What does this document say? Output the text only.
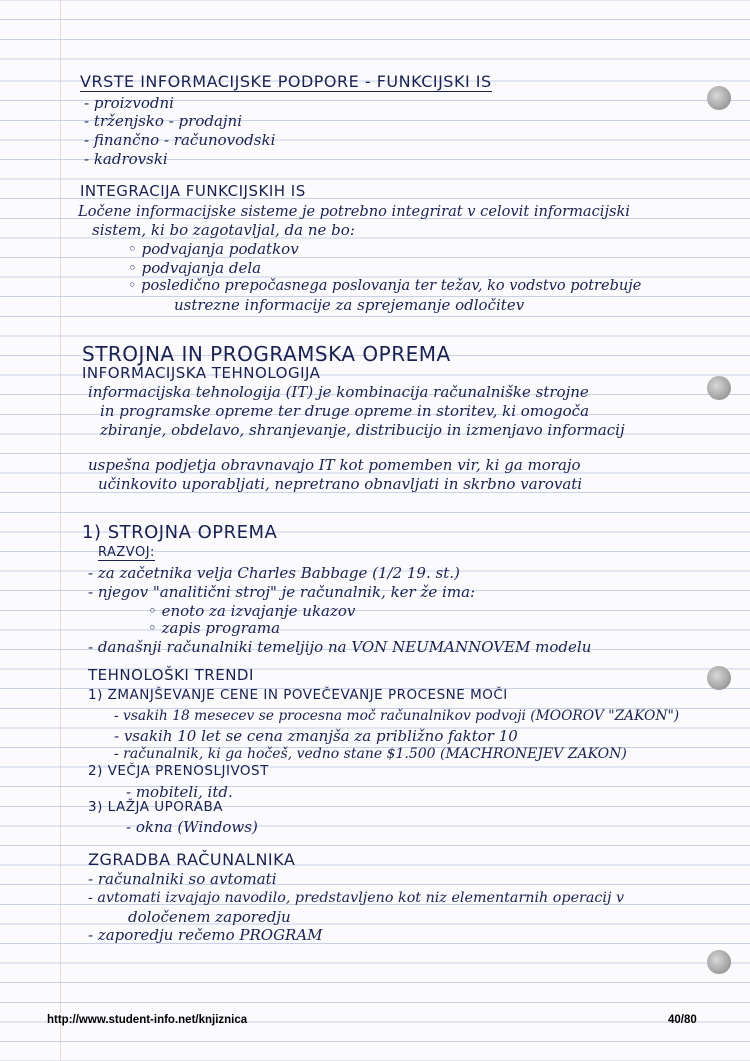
VRSTE INFORMACIJSKE PODPORE - FUNKCIJSKI IS
- proizvodni
- trženjsko - prodajni
- finančno - računovodski
- kadrovski
INTEGRACIJA FUNKCIJSKIH IS
Ločene informacijske sisteme je potrebno integrirat v celovit informacijski
sistem, ki bo zagotavljal, da ne bo:
◦ podvajanja podatkov
◦ podvajanja dela
◦ posledično prepočasnega poslovanja ter težav, ko vodstvo potrebuje
ustrezne informacije za sprejemanje odločitev
STROJNA IN PROGRAMSKA OPREMA
INFORMACIJSKA TEHNOLOGIJA
informacijska tehnologija (IT) je kombinacija računalniške strojne
in programske opreme ter druge opreme in storitev, ki omogoča
zbiranje, obdelavo, shranjevanje, distribucijo in izmenjavo informacij
uspešna podjetja obravnavajo IT kot pomemben vir, ki ga morajo
učinkovito uporabljati, nepretrano obnavljati in skrbno varovati
1) STROJNA OPREMA
RAZVOJ:
- za začetnika velja Charles Babbage (1/2 19. st.)
- njegov "analitični stroj" je računalnik, ker že ima:
◦ enoto za izvajanje ukazov
◦ zapis programa
- današnji računalniki temeljijo na VON NEUMANNOVEM modelu
TEHNOLOŠKI TRENDI
1) ZMANJŠEVANJE CENE IN POVEČEVANJE PROCESNE MOČI
- vsakih 18 mesecev se procesna moč računalnikov podvoji (MOOROV "ZAKON")
- vsakih 10 let se cena zmanjša za približno faktor 10
- računalnik, ki ga hočeš, vedno stane $1.500 (MACHRONEJEV ZAKON)
2) VEČJA PRENOSLJIVOST
- mobiteli, itd.
3) LAŽJA UPORABA
- okna (Windows)
ZGRADBA RAČUNALNIKA
- računalniki so avtomati
- avtomati izvajajo navodilo, predstavljeno kot niz elementarnih operacij v
določenem zaporedju
- zaporedju rečemo PROGRAM
http://www.student-info.net/knjiznica	40/80
